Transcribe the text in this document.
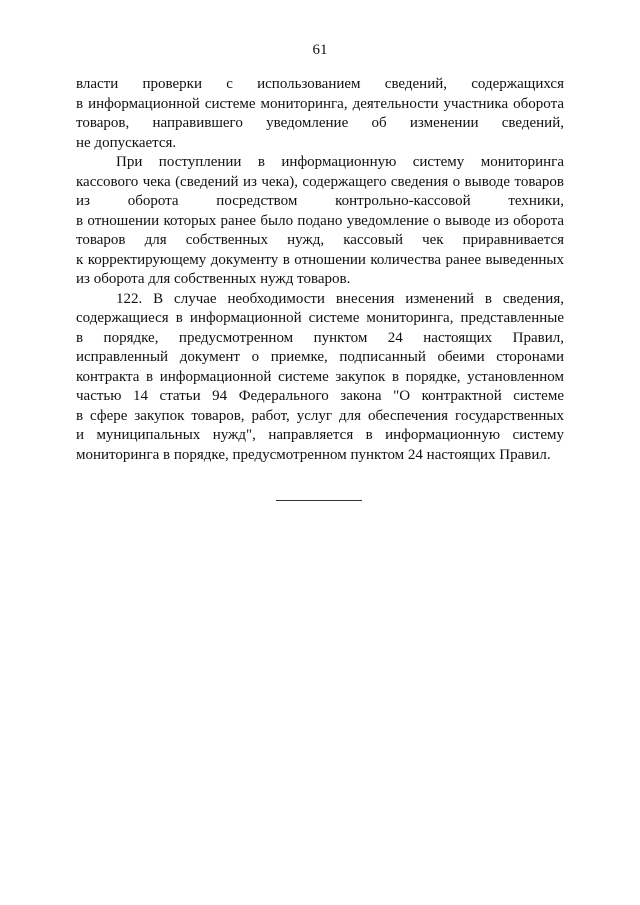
61
власти проверки с использованием сведений, содержащихся
в информационной системе мониторинга, деятельности участника оборота
товаров, направившего уведомление об изменении сведений,
не допускается.
При поступлении в информационную систему мониторинга
кассового чека (сведений из чека), содержащего сведения о выводе товаров
из оборота посредством контрольно-кассовой техники,
в отношении которых ранее было подано уведомление о выводе из оборота
товаров для собственных нужд, кассовый чек приравнивается
к корректирующему документу в отношении количества ранее выведенных
из оборота для собственных нужд товаров.
122. В случае необходимости внесения изменений в сведения,
содержащиеся в информационной системе мониторинга, представленные
в порядке, предусмотренном пунктом 24 настоящих Правил,
исправленный документ о приемке, подписанный обеими сторонами
контракта в информационной системе закупок в порядке, установленном
частью 14 статьи 94 Федерального закона "О контрактной системе
в сфере закупок товаров, работ, услуг для обеспечения государственных
и муниципальных нужд", направляется в информационную систему
мониторинга в порядке, предусмотренном пунктом 24 настоящих Правил.
